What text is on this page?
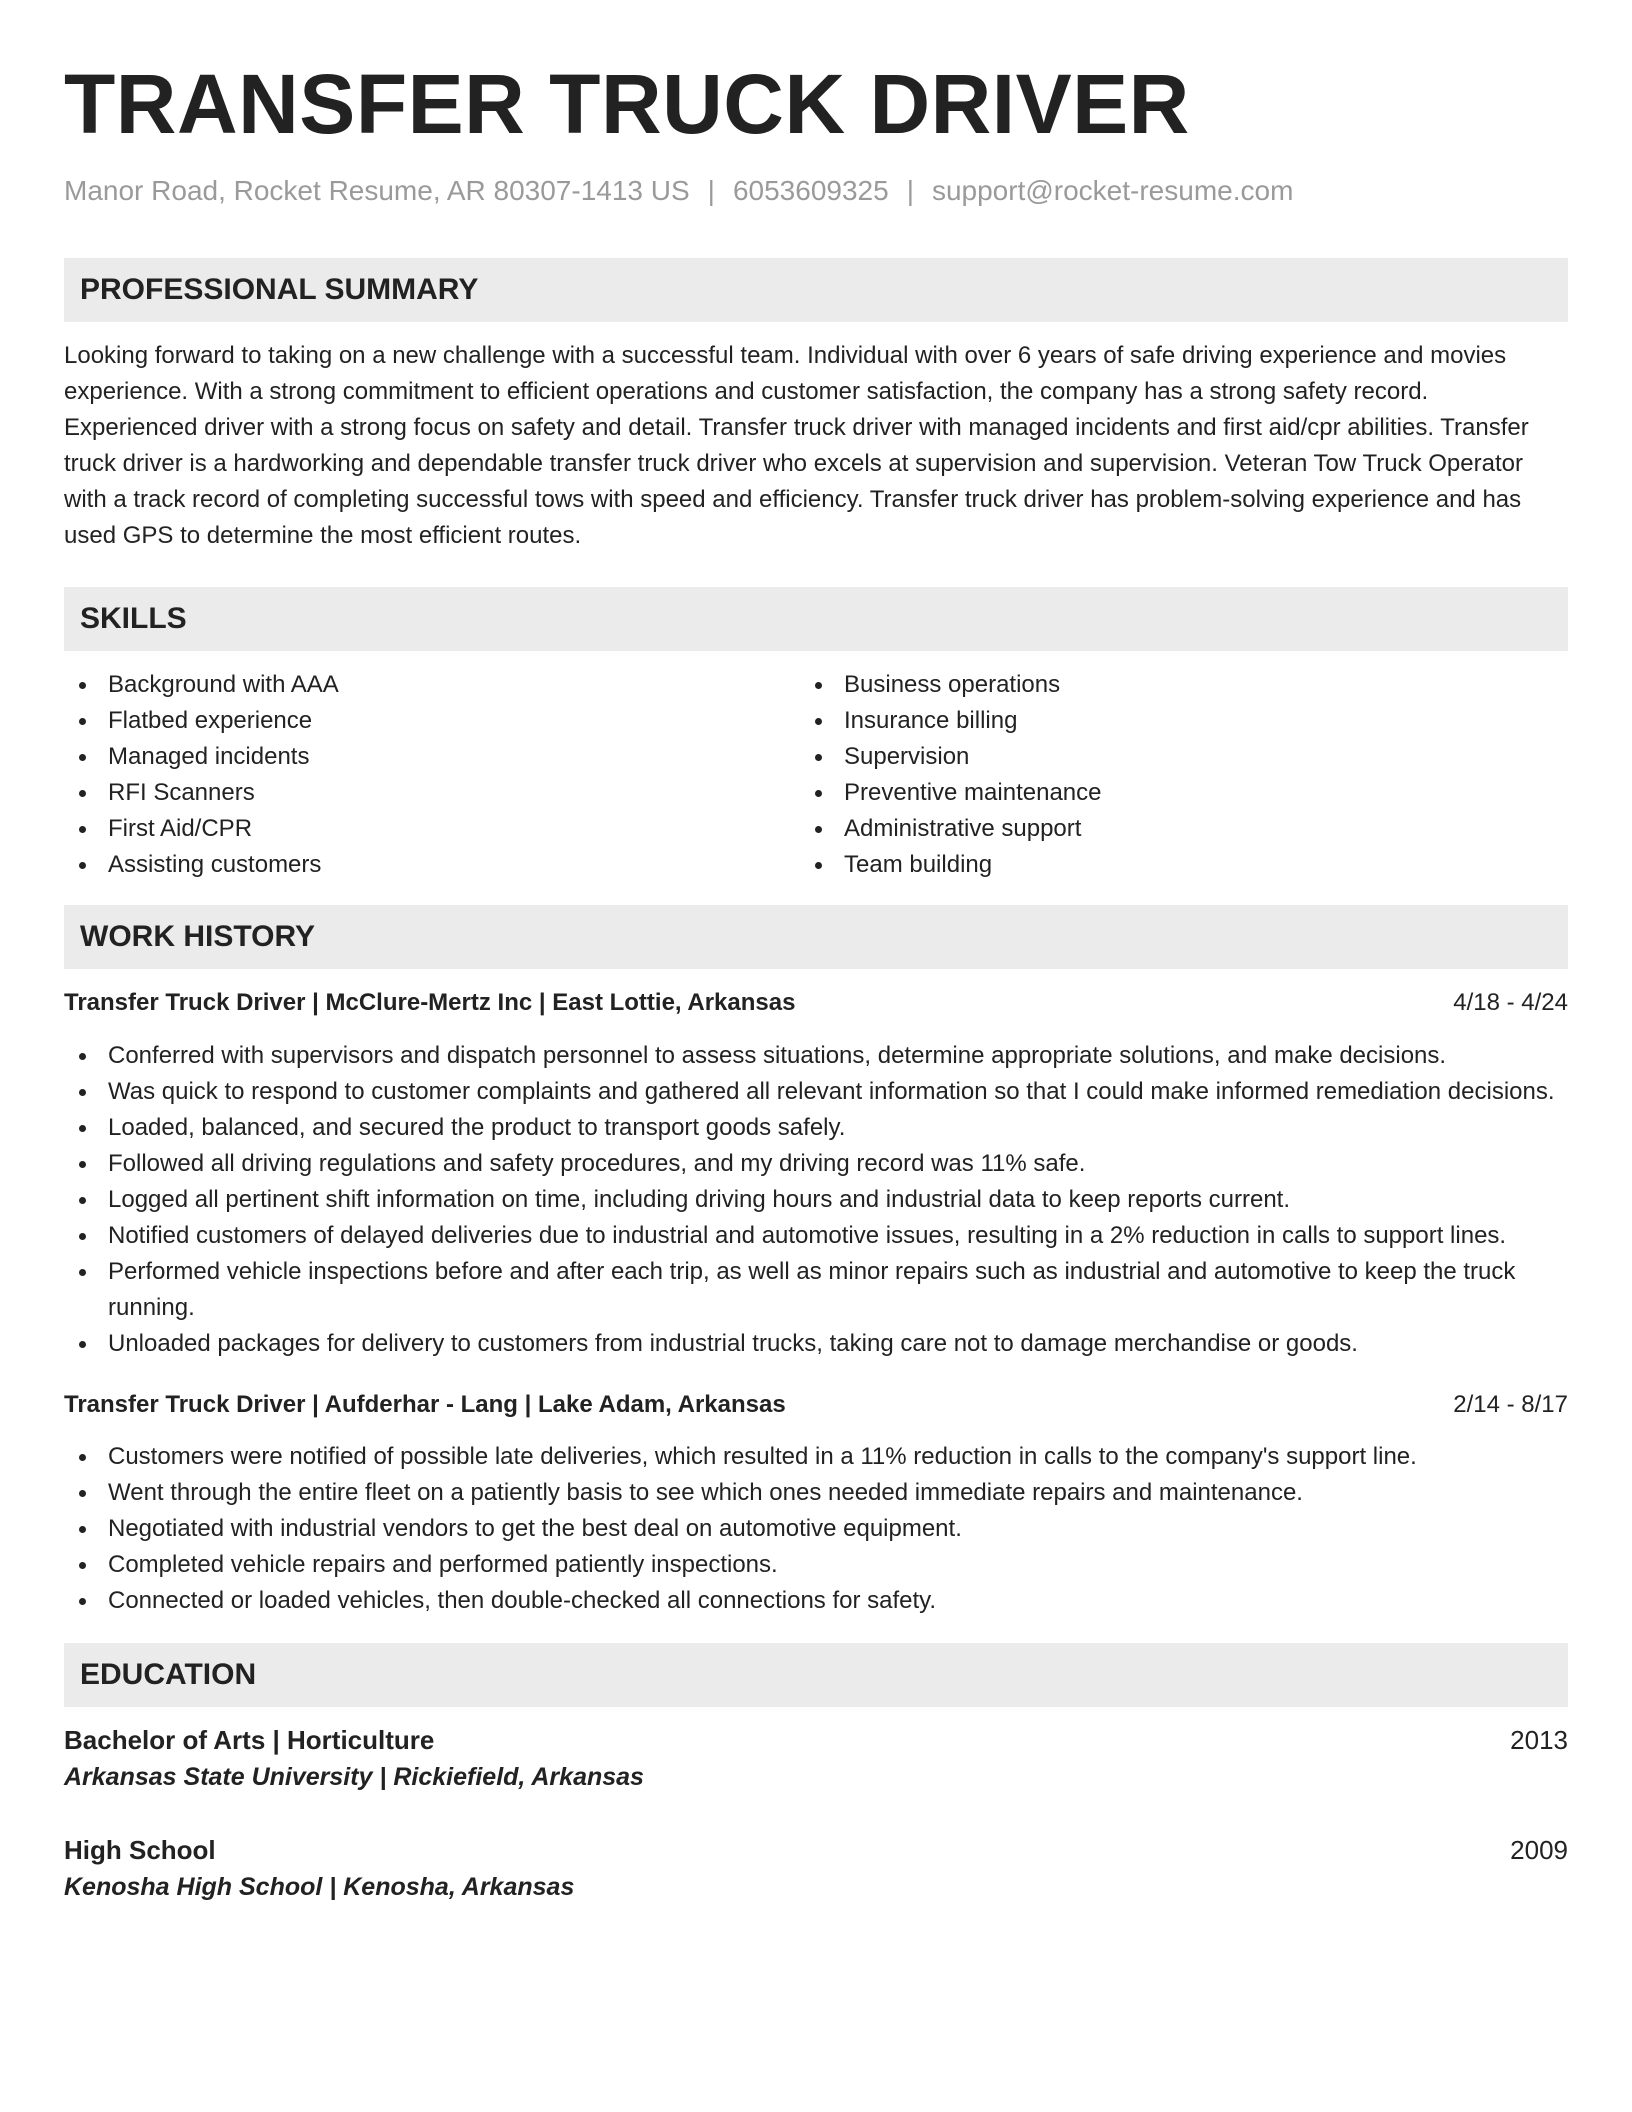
TRANSFER TRUCK DRIVER
Manor Road, Rocket Resume, AR 80307-1413 US | 6053609325 | support@rocket-resume.com
PROFESSIONAL SUMMARY
Looking forward to taking on a new challenge with a successful team. Individual with over 6 years of safe driving experience and movies experience. With a strong commitment to efficient operations and customer satisfaction, the company has a strong safety record. Experienced driver with a strong focus on safety and detail. Transfer truck driver with managed incidents and first aid/cpr abilities. Transfer truck driver is a hardworking and dependable transfer truck driver who excels at supervision and supervision. Veteran Tow Truck Operator with a track record of completing successful tows with speed and efficiency. Transfer truck driver has problem-solving experience and has used GPS to determine the most efficient routes.
SKILLS
Background with AAA
Flatbed experience
Managed incidents
RFI Scanners
First Aid/CPR
Assisting customers
Business operations
Insurance billing
Supervision
Preventive maintenance
Administrative support
Team building
WORK HISTORY
Transfer Truck Driver | McClure-Mertz Inc | East Lottie, Arkansas	4/18 - 4/24
Conferred with supervisors and dispatch personnel to assess situations, determine appropriate solutions, and make decisions.
Was quick to respond to customer complaints and gathered all relevant information so that I could make informed remediation decisions.
Loaded, balanced, and secured the product to transport goods safely.
Followed all driving regulations and safety procedures, and my driving record was 11% safe.
Logged all pertinent shift information on time, including driving hours and industrial data to keep reports current.
Notified customers of delayed deliveries due to industrial and automotive issues, resulting in a 2% reduction in calls to support lines.
Performed vehicle inspections before and after each trip, as well as minor repairs such as industrial and automotive to keep the truck running.
Unloaded packages for delivery to customers from industrial trucks, taking care not to damage merchandise or goods.
Transfer Truck Driver | Aufderhar - Lang | Lake Adam, Arkansas	2/14 - 8/17
Customers were notified of possible late deliveries, which resulted in a 11% reduction in calls to the company's support line.
Went through the entire fleet on a patiently basis to see which ones needed immediate repairs and maintenance.
Negotiated with industrial vendors to get the best deal on automotive equipment.
Completed vehicle repairs and performed patiently inspections.
Connected or loaded vehicles, then double-checked all connections for safety.
EDUCATION
Bachelor of Arts | Horticulture	2013
Arkansas State University | Rickiefield, Arkansas
High School	2009
Kenosha High School | Kenosha, Arkansas
